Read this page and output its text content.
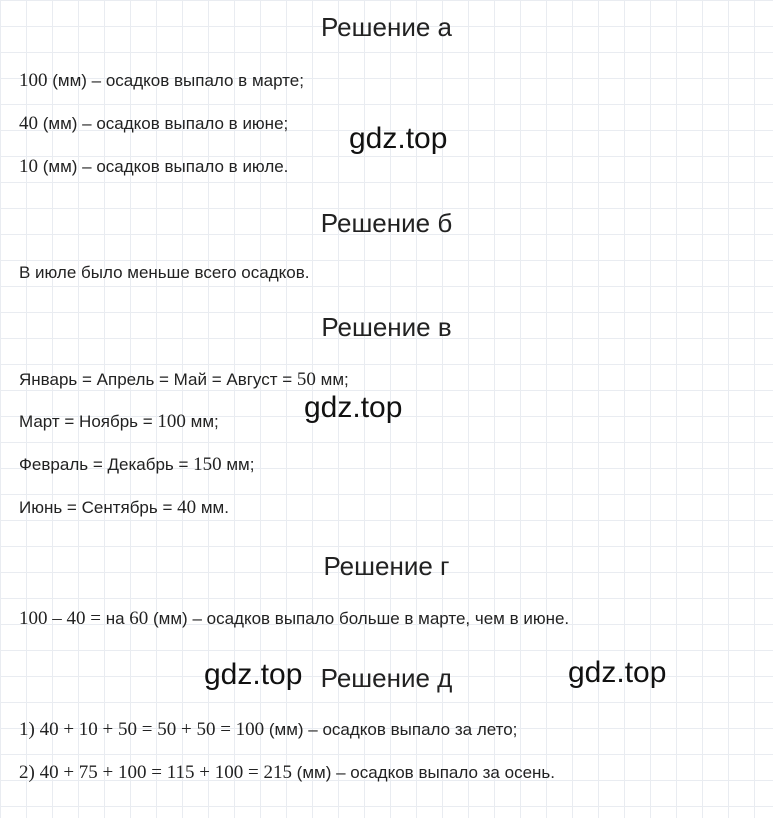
Решение а

100 (мм) – осадков выпало в марте;

40 (мм) – осадков выпало в июне;

10 (мм) – осадков выпало в июле.

Решение б

В июле было меньше всего осадков.

Решение в

Январь = Апрель = Май = Август = 50 мм;

Март = Ноябрь = 100 мм;

Февраль = Декабрь = 150 мм;

Июнь = Сентябрь = 40 мм.

Решение г

100 – 40 = на 60 (мм) – осадков выпало больше в марте, чем в июне.

Решение д

1) 40 + 10 + 50 = 50 + 50 = 100 (мм) – осадков выпало за лето;

2) 40 + 75 + 100 = 115 + 100 = 215 (мм) – осадков выпало за осень.

gdz.top
gdz.top
gdz.top	gdz.top
